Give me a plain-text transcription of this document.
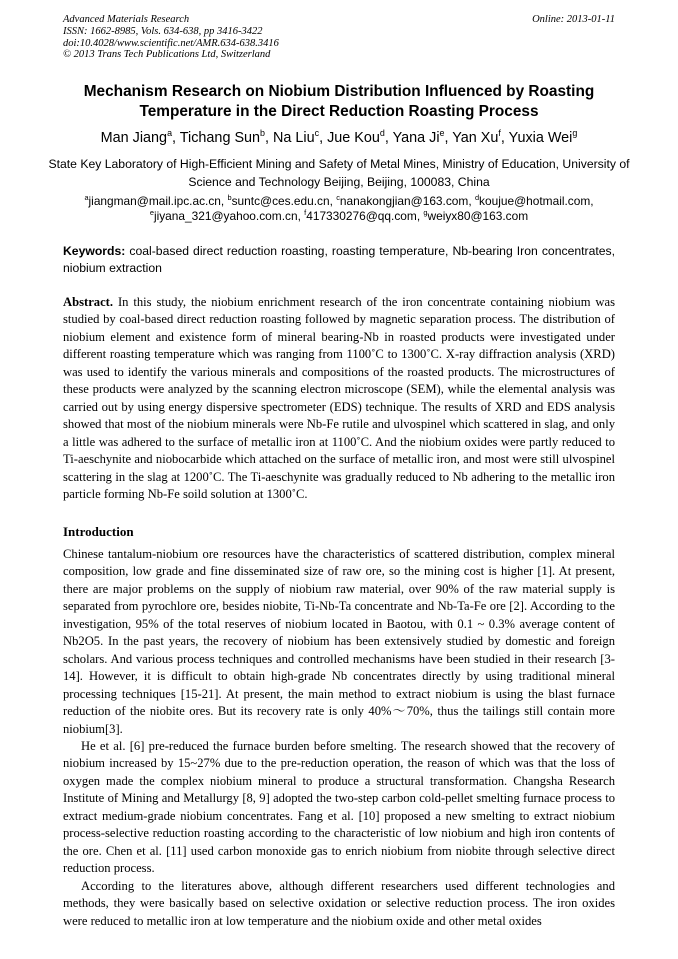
Advanced Materials Research
ISSN: 1662-8985, Vols. 634-638, pp 3416-3422
doi:10.4028/www.scientific.net/AMR.634-638.3416
© 2013 Trans Tech Publications Ltd, Switzerland
Online: 2013-01-11
Mechanism Research on Niobium Distribution Influenced by Roasting Temperature in the Direct Reduction Roasting Process
Man Jiang$^a$, Tichang Sun$^b$, Na Liu$^c$, Jue Kou$^d$, Yana Ji$^e$, Yan Xu$^f$, Yuxia Wei$^g$
State Key Laboratory of High-Efficient Mining and Safety of Metal Mines, Ministry of Education, University of Science and Technology Beijing, Beijing, 100083, China
$^a$jiangman@mail.ipc.ac.cn, $^b$suntc@ces.edu.cn, $^c$nanakongjian@163.com, $^d$koujue@hotmail.com,
$^e$jiyana_321@yahoo.com.cn, $^f$417330276@qq.com, $^g$weiyx80@163.com
Keywords: coal-based direct reduction roasting, roasting temperature, Nb-bearing Iron concentrates, niobium extraction
Abstract. In this study, the niobium enrichment research of the iron concentrate containing niobium was studied by coal-based direct reduction roasting followed by magnetic separation process. The distribution of niobium element and existence form of mineral bearing-Nb in roasted products were investigated under different roasting temperature which was ranging from 1100˚C to 1300˚C. X-ray diffraction analysis (XRD) was used to identify the various minerals and compositions of the roasted products. The microstructures of these products were analyzed by the scanning electron microscope (SEM), while the elemental analysis was carried out by using energy dispersive spectrometer (EDS) technique. The results of XRD and EDS analysis showed that most of the niobium minerals were Nb-Fe rutile and ulvospinel which scattered in slag, and only a little was adhered to the surface of metallic iron at 1100˚C. And the niobium oxides were partly reduced to Ti-aeschynite and niobocarbide which attached on the surface of metallic iron, and most were still ulvospinel scattering in the slag at 1200˚C. The Ti-aeschynite was gradually reduced to Nb adhering to the metallic iron particle forming Nb-Fe soild solution at 1300˚C.
Introduction

Chinese tantalum-niobium ore resources have the characteristics of scattered distribution, complex mineral composition, low grade and fine disseminated size of raw ore, so the mining cost is higher [1]. At present, there are major problems on the supply of niobium raw material, over 90% of the raw material supply is separated from pyrochlore ore, besides niobite, Ti-Nb-Ta concentrate and Nb-Ta-Fe ore [2]. According to the investigation, 95% of the total reserves of niobium located in Baotou, with 0.1 ~ 0.3% average content of Nb2O5. In the past years, the recovery of niobium has been extensively studied by domestic and foreign scholars. And various process techniques and controlled mechanisms have been studied in their research [3-14]. However, it is difficult to obtain high-grade Nb concentrates directly by using traditional mineral processing techniques [15-21]. At present, the main method to extract niobium is using the blast furnace reduction of the niobite ores. But its recovery rate is only 40%～70%, thus the tailings still contain more niobium[3].

He et al. [6] pre-reduced the furnace burden before smelting. The research showed that the recovery of niobium increased by 15~27% due to the pre-reduction operation, the reason of which was that the loss of oxygen made the complex niobium mineral to produce a structural transformation. Changsha Research Institute of Mining and Metallurgy [8, 9] adopted the two-step carbon cold-pellet smelting furnace process to extract medium-grade niobium concentrates. Fang et al. [10] proposed a new smelting to extract niobium process-selective reduction roasting according to the characteristic of low niobium and high iron contents of the ore. Chen et al. [11] used carbon monoxide gas to enrich niobium from niobite through selective direct reduction process.

According to the literatures above, although different researchers used different technologies and methods, they were basically based on selective oxidation or selective reduction process. The iron oxides were reduced to metallic iron at low temperature and the niobium oxide and other metal oxides
